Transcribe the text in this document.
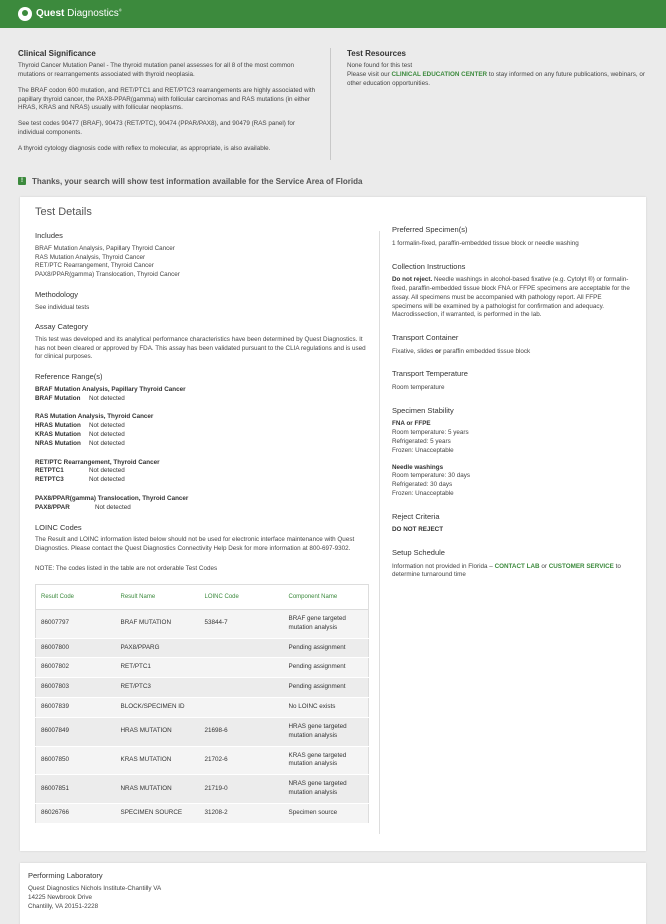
Quest Diagnostics®
Clinical Significance

Thyroid Cancer Mutation Panel - The thyroid mutation panel assesses for all 8 of the most common mutations or rearrangements associated with thyroid neoplasia.

The BRAF codon 600 mutation, and RET/PTC1 and RET/PTC3 rearrangements are highly associated with papillary thyroid cancer, the PAX8-PPAR(gamma) with follicular carcinomas and RAS mutations (in either HRAS, KRAS and NRAS) usually with follicular neoplasms.

See test codes 90477 (BRAF), 90473 (RET/PTC), 90474 (PPAR/PAX8), and 90479 (RAS panel) for individual components.

A thyroid cytology diagnosis code with reflex to molecular, as appropriate, is also available.

Test Resources

None found for this test

Please visit our CLINICAL EDUCATION CENTER to stay informed on any future publications, webinars, or other education opportunities.

!	Thanks, your search will show test information available for the Service Area of Florida
Test Details
Includes
BRAF Mutation Analysis, Papillary Thyroid Cancer
RAS Mutation Analysis, Thyroid Cancer
RET/PTC Rearrangement, Thyroid Cancer
PAX8/PPAR(gamma) Translocation, Thyroid Cancer
Methodology
See individual tests
Assay Category
This test was developed and its analytical performance characteristics have been determined by Quest Diagnostics. It has not been cleared or approved by FDA. This assay has been validated pursuant to the CLIA regulations and is used for clinical purposes.
Reference Range(s)
BRAF Mutation Analysis, Papillary Thyroid Cancer
BRAF Mutation	Not detected
RAS Mutation Analysis, Thyroid Cancer
HRAS Mutation	Not detected
KRAS Mutation	Not detected
NRAS Mutation	Not detected
RET/PTC Rearrangement, Thyroid Cancer
RETPTC1	Not detected
RETPTC3	Not detected
PAX8/PPAR(gamma) Translocation, Thyroid Cancer
PAX8/PPAR	Not detected
LOINC Codes
The Result and LOINC information listed below should not be used for electronic interface maintenance with Quest Diagnostics. Please contact the Quest Diagnostics Connectivity Help Desk for more information at 800-697-9302.
NOTE: The codes listed in the table are not orderable Test Codes
Result Code	Result Name	LOINC Code	Component Name
86007797	BRAF MUTATION	53844-7	BRAF gene targeted mutation analysis
86007800	PAX8/PPARG		Pending assignment
86007802	RET/PTC1		Pending assignment
86007803	RET/PTC3		Pending assignment
86007839	BLOCK/SPECIMEN ID		No LOINC exists
86007849	HRAS MUTATION	21698-6	HRAS gene targeted mutation analysis
86007850	KRAS MUTATION	21702-6	KRAS gene targeted mutation analysis
86007851	NRAS MUTATION	21719-0	NRAS gene targeted mutation analysis
86026766	SPECIMEN SOURCE	31208-2	Specimen source
Preferred Specimen(s)
1 formalin-fixed, paraffin-embedded tissue block or needle washing
Collection Instructions
Do not reject. Needle washings in alcohol-based fixative (e.g. Cytolyt ®) or formalin-fixed, paraffin-embedded tissue block FNA or FFPE specimens are acceptable for the assay. All specimens must be accompanied with pathology report. All FFPE specimens will be examined by a pathologist for confirmation and adequacy. Macrodissection, if warranted, is performed in the lab.
Transport Container
Fixative, slides or paraffin embedded tissue block
Transport Temperature
Room temperature
Specimen Stability
FNA or FFPE
Room temperature: 5 years
Refrigerated: 5 years
Frozen: Unacceptable
Needle washings
Room temperature: 30 days
Refrigerated: 30 days
Frozen: Unacceptable
Reject Criteria
DO NOT REJECT
Setup Schedule
Information not provided in Florida – CONTACT LAB or CUSTOMER SERVICE to determine turnaround time
Performing Laboratory
Quest Diagnostics Nichols Institute-Chantilly VA
14225 Newbrook Drive
Chantilly, VA 20151-2228
